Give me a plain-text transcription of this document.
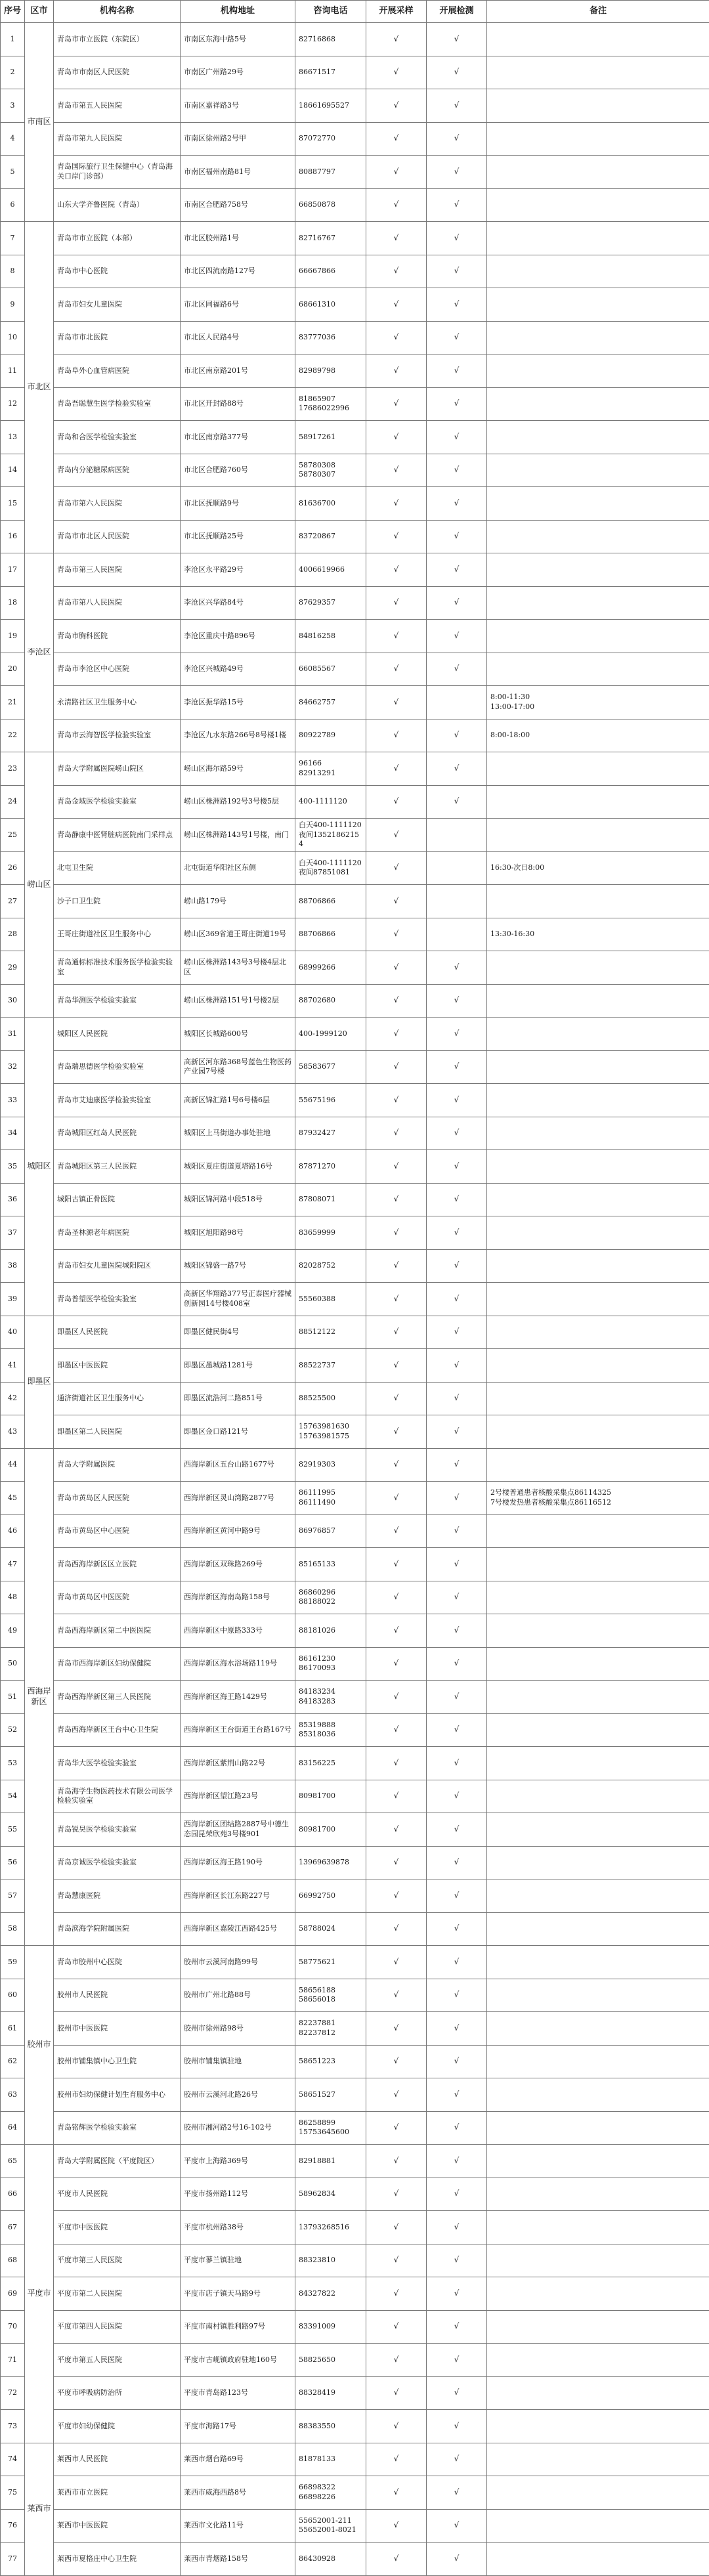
序号	区市	机构名称	机构地址	咨询电话	开展采样	开展检测	备注
1	市南区	青岛市市立医院（东院区）	市南区东海中路5号	82716868	√	√	
2		青岛市市南区人民医院	市南区广州路29号	86671517	√	√	
3		青岛市第五人民医院	市南区嘉祥路3号	18661695527	√	√	
4		青岛市第九人民医院	市南区徐州路2号甲	87072770	√	√	
5		青岛国际旅行卫生保健中心（青岛海关口岸门诊部）	市南区福州南路81号	80887797	√	√	
6		山东大学齐鲁医院（青岛）	市南区合肥路758号	66850878	√	√	
7	市北区	青岛市市立医院（本部）	市北区胶州路1号	82716767	√	√	
8		青岛市中心医院	市北区四流南路127号	66667866	√	√	
9		青岛市妇女儿童医院	市北区同福路6号	68661310	√	√	
10		青岛市市北医院	市北区人民路4号	83777036	√	√	
11		青岛阜外心血管病医院	市北区南京路201号	82989798	√	√	
12		青岛吾聪慧生医学检验实验室	市北区开封路88号	81865907
17686022996	√	√	
13		青岛和合医学检验实验室	市北区南京路377号	58917261	√	√	
14		青岛内分泌糖尿病医院	市北区合肥路760号	58780308
58780307	√	√	
15		青岛市第六人民医院	市北区抚顺路9号	81636700	√	√	
16		青岛市市北区人民医院	市北区抚顺路25号	83720867	√	√	
17	李沧区	青岛市第三人民医院	李沧区永平路29号	4006619966	√	√	
18		青岛市第八人民医院	李沧区兴华路84号	87629357	√	√	
19		青岛市胸科医院	李沧区重庆中路896号	84816258	√	√	
20		青岛市李沧区中心医院	李沧区兴城路49号	66085567	√	√	
21		永清路社区卫生服务中心	李沧区振华路15号	84662757	√		8:00-11:30
13:00-17:00
22		青岛市云海智医学检验实验室	李沧区九水东路266号8号楼1楼	80922789	√	√	8:00-18:00
23	崂山区	青岛大学附属医院崂山院区	崂山区海尔路59号	96166
82913291	√	√	
24		青岛金域医学检验实验室	崂山区株洲路192号3号楼5层	400-1111120	√	√	
25		青岛静康中医肾脏病医院南门采样点	崂山区株洲路143号1号楼，南门	白天400-1111120
夜间13521862154	√		
26		北屯卫生院	北屯街道华阳社区东侧	白天400-1111120
夜间87851081	√		16:30-次日8:00
27		沙子口卫生院	崂山路179号	88706866	√		
28		王哥庄街道社区卫生服务中心	崂山区369省道王哥庄街道19号	88706866	√		13:30-16:30
29		青岛通标标准技术服务医学检验实验室	崂山区株洲路143号3号楼4层北区	68999266	√	√	
30		青岛华测医学检验实验室	崂山区株洲路151号1号楼2层	88702680	√	√	
31	城阳区	城阳区人民医院	城阳区长城路600号	400-1999120	√	√	
32		青岛瑞思德医学检验实验室	高新区河东路368号蓝色生物医药产业园7号楼	58583677	√	√	
33		青岛市艾迪康医学检验实验室	高新区锦汇路1号6号楼6层	55675196	√	√	
34		青岛城阳区红岛人民医院	城阳区上马街道办事处驻地	87932427	√	√	
35		青岛城阳区第三人民医院	城阳区夏庄街道夏塔路16号	87871270	√	√	
36		城阳古镇正骨医院	城阳区锦河路中段518号	87808071	√	√	
37		青岛圣林源老年病医院	城阳区旭阳路98号	83659999	√	√	
38		青岛市妇女儿童医院城阳院区	城阳区锦盛一路7号	82028752	√	√	
39		青岛普望医学检验实验室	高新区华翔路377号正泰医疗器械创新园14号楼408室	55560388	√	√	
40	即墨区	即墨区人民医院	即墨区健民街4号	88512122	√	√	
41		即墨区中医医院	即墨区墨城路1281号	88522737	√	√	
42		通济街道社区卫生服务中心	即墨区流浩河二路851号	88525500	√	√	
43		即墨区第二人民医院	即墨区金口路121号	15763981630
15763981575	√	√	
44	西海岸新区	青岛大学附属医院	西海岸新区五台山路1677号	82919303	√	√	
45		青岛市黄岛区人民医院	西海岸新区灵山湾路2877号	86111995
86111490	√	√	2号楼普通患者核酸采集点86114325
7号楼发热患者核酸采集点86116512
46		青岛市黄岛区中心医院	西海岸新区黄河中路9号	86976857	√	√	
47		青岛西海岸新区区立医院	西海岸新区双珠路269号	85165133	√	√	
48		青岛市黄岛区中医医院	西海岸新区海南岛路158号	86860296
88188022	√	√	
49		青岛西海岸新区第二中医医院	西海岸新区中原路333号	88181026	√	√	
50		青岛市西海岸新区妇幼保健院	西海岸新区海水浴场路119号	86161230
86170093	√	√	
51		青岛西海岸新区第三人民医院	西海岸新区海王路1429号	84183234
84183283	√	√	
52		青岛西海岸新区王台中心卫生院	西海岸新区王台街道王台路167号	85319888
85318036	√	√	
53		青岛华大医学检验实验室	西海岸新区紫荆山路22号	83156225	√	√	
54		青岛海学生物医药技术有限公司医学检验实验室	西海岸新区望江路23号	80981700	√	√	
55		青岛锐昊医学检验实验室	西海岸新区团结路2887号中德生态园昆荣欣苑3号楼901	80981700	√	√	
56		青岛京诚医学检验实验室	西海岸新区海王路190号	13969639878	√	√	
57		青岛慧康医院	西海岸新区长江东路227号	66992750	√	√	
58		青岛滨海学院附属医院	西海岸新区嘉陵江西路425号	58788024	√	√	
59	胶州市	青岛市胶州中心医院	胶州市云溪河南路99号	58775621	√	√	
60		胶州市人民医院	胶州市广州北路88号	58656188
58656018	√	√	
61		胶州市中医医院	胶州市徐州路98号	82237881
82237812	√	√	
62		胶州市铺集镇中心卫生院	胶州市铺集镇驻地	58651223	√	√	
63		胶州市妇幼保健计划生育服务中心	胶州市云溪河北路26号	58651527	√	√	
64		青岛铭辉医学检验实验室	胶州市湘河路2号16-102号	86258899
15753645600	√	√	
65	平度市	青岛大学附属医院（平度院区）	平度市上海路369号	82918881	√	√	
66		平度市人民医院	平度市扬州路112号	58962834	√	√	
67		平度市中医医院	平度市杭州路38号	13793268516	√	√	
68		平度市第三人民医院	平度市蓼兰镇驻地	88323810	√	√	
69		平度市第二人民医院	平度市店子镇天马路9号	84327822	√	√	
70		平度市第四人民医院	平度市南村镇胜利路97号	83391009	√	√	
71		平度市第五人民医院	平度市古岘镇政府驻地160号	58825650	√	√	
72		平度市呼吸病防治所	平度市青岛路123号	88328419	√	√	
73		平度市妇幼保健院	平度市海路17号	88383550	√	√	
74	莱西市	莱西市人民医院	莱西市烟台路69号	81878133	√	√	
75		莱西市市立医院	莱西市威海西路8号	66898322
66898226	√	√	
76		莱西市中医医院	莱西市文化路11号	55652001-211
55652001-8021	√	√	
77		莱西市夏格庄中心卫生院	莱西市青烟路158号	86430928	√	√	
